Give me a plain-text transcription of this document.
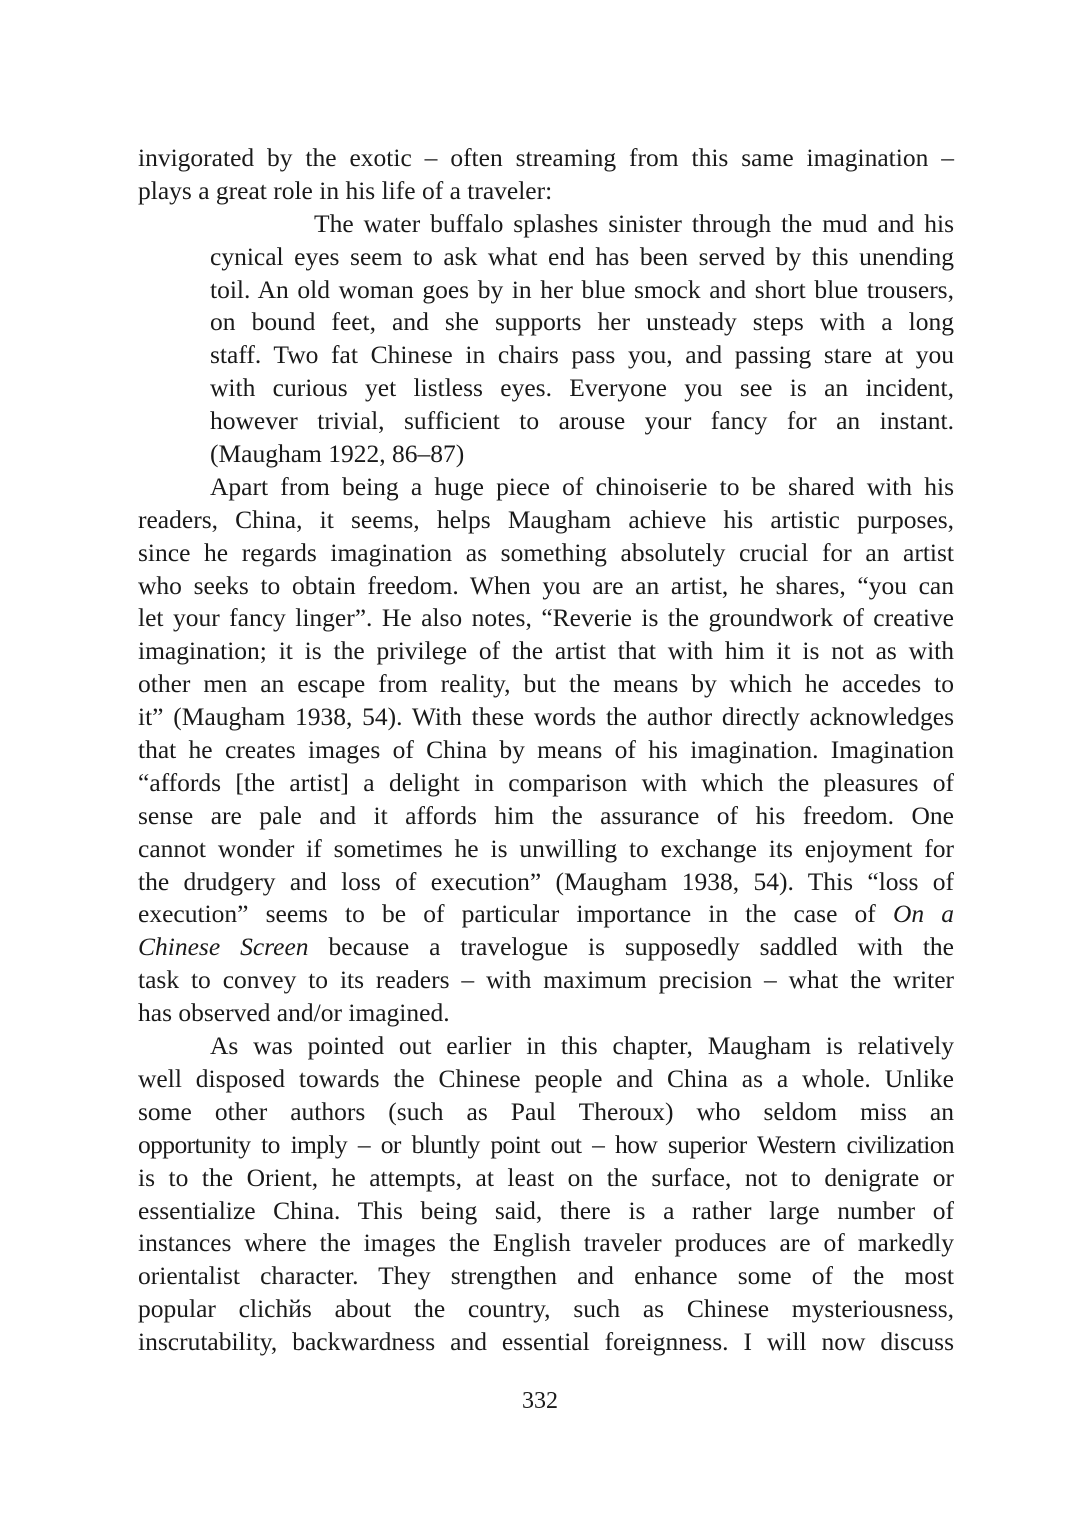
invigorated by the exotic – often streaming from this same imagination –
plays a great role in his life of a traveler:
The water buffalo splashes sinister through the mud and his
cynical eyes seem to ask what end has been served by this unending
toil. An old woman goes by in her blue smock and short blue trousers,
on bound feet, and she supports her unsteady steps with a long
staff. Two fat Chinese in chairs pass you, and passing stare at you
with curious yet listless eyes. Everyone you see is an incident,
however trivial, sufficient to arouse your fancy for an instant.
(Maugham 1922, 86–87)
Apart from being a huge piece of chinoiserie to be shared with his
readers, China, it seems, helps Maugham achieve his artistic purposes,
since he regards imagination as something absolutely crucial for an artist
who seeks to obtain freedom. When you are an artist, he shares, “you can
let your fancy linger”. He also notes, “Reverie is the groundwork of creative
imagination; it is the privilege of the artist that with him it is not as with
other men an escape from reality, but the means by which he accedes to
it” (Maugham 1938, 54). With these words the author directly acknowledges
that he creates images of China by means of his imagination. Imagination
“affords [the artist] a delight in comparison with which the pleasures of
sense are pale and it affords him the assurance of his freedom. One
cannot wonder if sometimes he is unwilling to exchange its enjoyment for
the drudgery and loss of execution” (Maugham 1938, 54). This “loss of
execution” seems to be of particular importance in the case of On a
Chinese Screen because a travelogue is supposedly saddled with the
task to convey to its readers – with maximum precision – what the writer
has observed and/or imagined.
As was pointed out earlier in this chapter, Maugham is relatively
well disposed towards the Chinese people and China as a whole. Unlike
some other authors (such as Paul Theroux) who seldom miss an
opportunity to imply – or bluntly point out – how superior Western civilization
is to the Orient, he attempts, at least on the surface, not to denigrate or
essentialize China. This being said, there is a rather large number of
instances where the images the English traveler produces are of markedly
orientalist character. They strengthen and enhance some of the most
popular clichйs about the country, such as Chinese mysteriousness,
inscrutability, backwardness and essential foreignness. I will now discuss
332
